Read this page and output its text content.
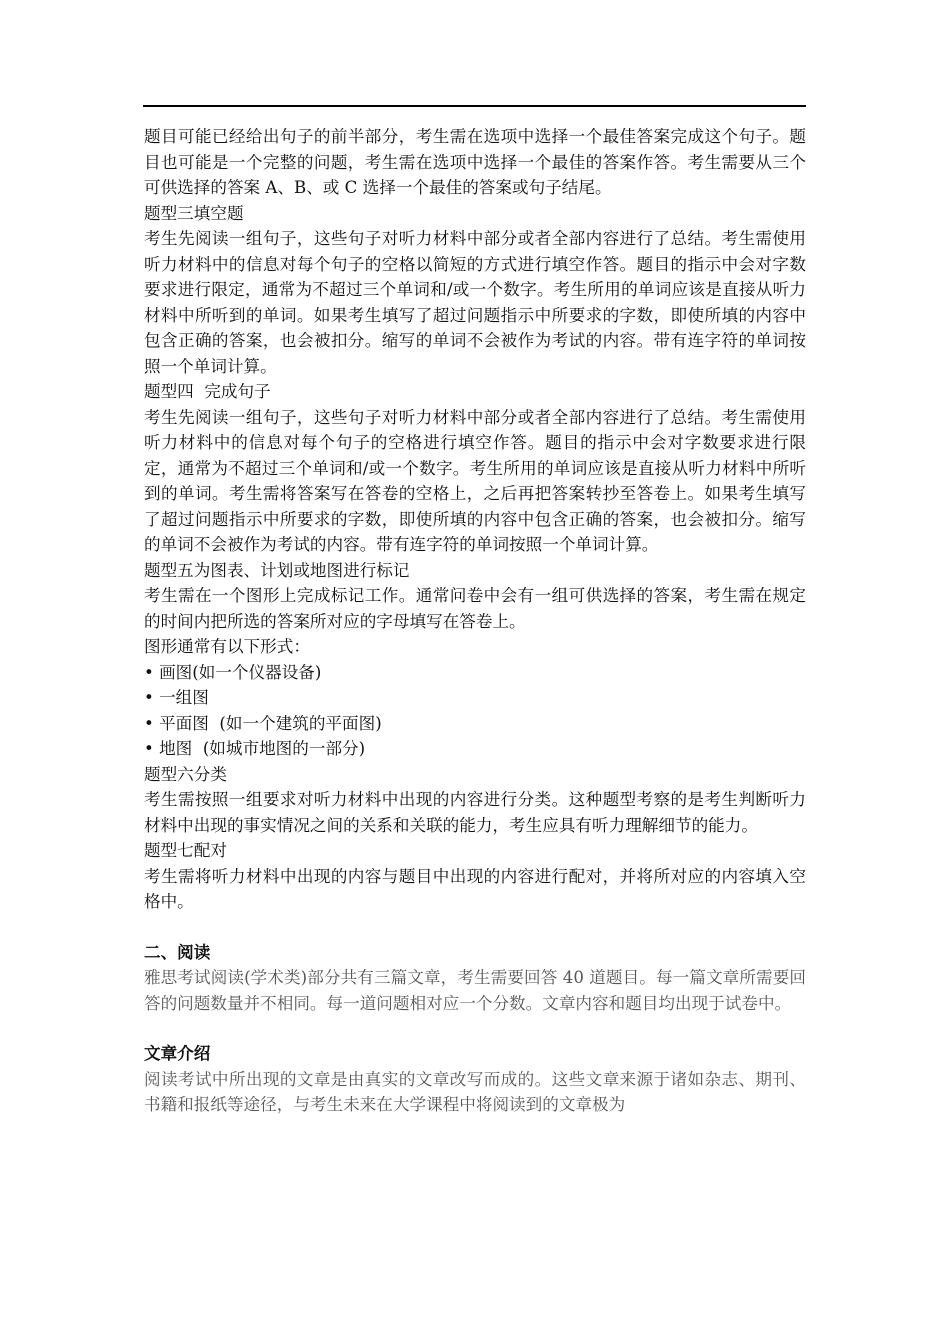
题目可能已经给出句子的前半部分，考生需在选项中选择一个最佳答案完成这个句子。题目也可能是一个完整的问题，考生需在选项中选择一个最佳的答案作答。考生需要从三个可供选择的答案 A、B、或 C 选择一个最佳的答案或句子结尾。

题型三填空题

考生先阅读一组句子，这些句子对听力材料中部分或者全部内容进行了总结。考生需使用听力材料中的信息对每个句子的空格以简短的方式进行填空作答。题目的指示中会对字数要求进行限定，通常为不超过三个单词和/或一个数字。考生所用的单词应该是直接从听力材料中所听到的单词。如果考生填写了超过问题指示中所要求的字数，即使所填的内容中包含正确的答案，也会被扣分。缩写的单词不会被作为考试的内容。带有连字符的单词按照一个单词计算。

题型四  完成句子

考生先阅读一组句子，这些句子对听力材料中部分或者全部内容进行了总结。考生需使用听力材料中的信息对每个句子的空格进行填空作答。题目的指示中会对字数要求进行限定，通常为不超过三个单词和/或一个数字。考生所用的单词应该是直接从听力材料中所听到的单词。考生需将答案写在答卷的空格上，之后再把答案转抄至答卷上。如果考生填写了超过问题指示中所要求的字数，即使所填的内容中包含正确的答案，也会被扣分。缩写的单词不会被作为考试的内容。带有连字符的单词按照一个单词计算。

题型五为图表、计划或地图进行标记

考生需在一个图形上完成标记工作。通常问卷中会有一组可供选择的答案，考生需在规定的时间内把所选的答案所对应的字母填写在答卷上。

图形通常有以下形式：

• 画图(如一个仪器设备)

• 一组图

• 平面图  (如一个建筑的平面图)

• 地图  (如城市地图的一部分)

题型六分类

考生需按照一组要求对听力材料中出现的内容进行分类。这种题型考察的是考生判断听力材料中出现的事实情况之间的关系和关联的能力，考生应具有听力理解细节的能力。

题型七配对

考生需将听力材料中出现的内容与题目中出现的内容进行配对，并将所对应的内容填入空格中。

二、阅读

雅思考试阅读(学术类)部分共有三篇文章，考生需要回答 40 道题目。每一篇文章所需要回答的问题数量并不相同。每一道问题相对应一个分数。文章内容和题目均出现于试卷中。

文章介绍

阅读考试中所出现的文章是由真实的文章改写而成的。这些文章来源于诸如杂志、期刊、书籍和报纸等途径，与考生未来在大学课程中将阅读到的文章极为
